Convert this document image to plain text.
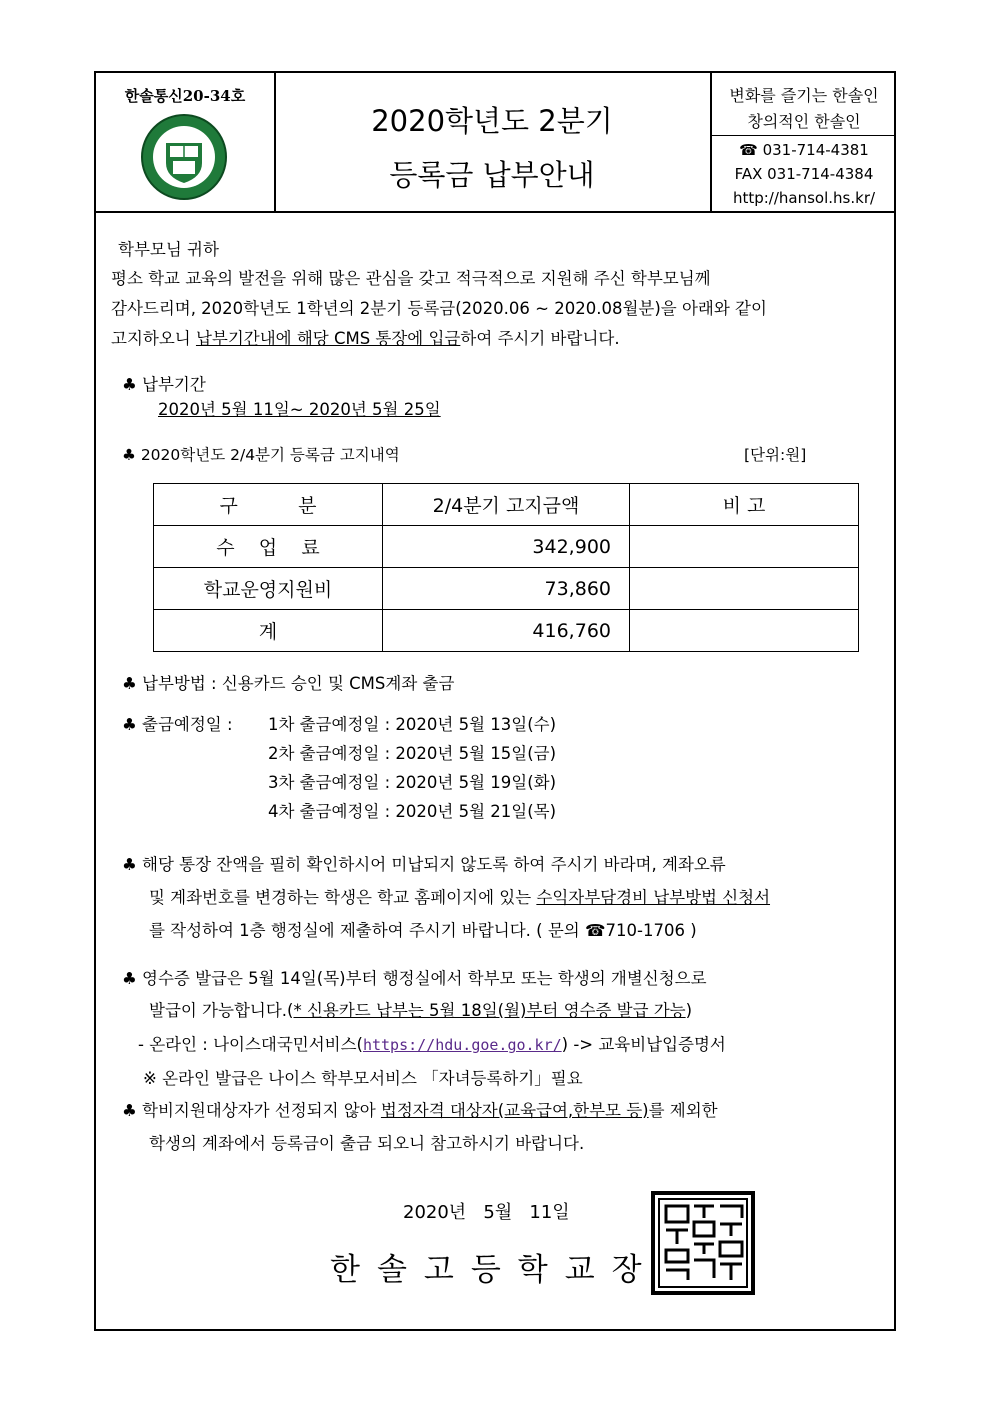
한솔통신20-34호
2020학년도 2분기
등록금 납부안내
변화를 즐기는 한솔인
창의적인 한솔인
☎ 031-714-4381
FAX 031-714-4384
http://hansol.hs.kr/
학부모님 귀하
평소 학교 교육의 발전을 위해 많은 관심을 갖고 적극적으로 지원해 주신 학부모님께
감사드리며, 2020학년도 1학년의 2분기 등록금(2020.06 ~ 2020.08월분)을 아래와 같이
고지하오니 납부기간내에 해당 CMS 통장에 입금하여 주시기 바랍니다.
♣ 납부기간
2020년 5월 11일~ 2020년 5월 25일
♣ 2020학년도 2/4분기 등록금 고지내역	[단위:원]
구          분	2/4분기 고지금액	비 고
수    업    료	342,900	
학교운영지원비	73,860	
계	416,760	
♣ 납부방법 : 신용카드 승인 및 CMS계좌 출금
♣ 출금예정일 : 1차 출금예정일 : 2020년 5월 13일(수)
2차 출금예정일 : 2020년 5월 15일(금)
3차 출금예정일 : 2020년 5월 19일(화)
4차 출금예정일 : 2020년 5월 21일(목)
♣ 해당 통장 잔액을 필히 확인하시어 미납되지 않도록 하여 주시기 바라며, 계좌오류
및 계좌번호를 변경하는 학생은 학교 홈페이지에 있는 수익자부담경비 납부방법 신청서
를 작성하여 1층 행정실에 제출하여 주시기 바랍니다. ( 문의 ☎710-1706 )
♣ 영수증 발급은 5월 14일(목)부터 행정실에서 학부모 또는 학생의 개별신청으로
발급이 가능합니다.(* 신용카드 납부는 5월 18일(월)부터 영수증 발급 가능)
- 온라인 : 나이스대국민서비스(https://hdu.goe.go.kr/) -> 교육비납입증명서
※ 온라인 발급은 나이스 학부모서비스 「자녀등록하기」필요
♣ 학비지원대상자가 선정되지 않아 법정자격 대상자(교육급여,한부모 등)를 제외한
학생의 계좌에서 등록금이 출금 되오니 참고하시기 바랍니다.
2020년   5월   11일
한솔고등학교장
